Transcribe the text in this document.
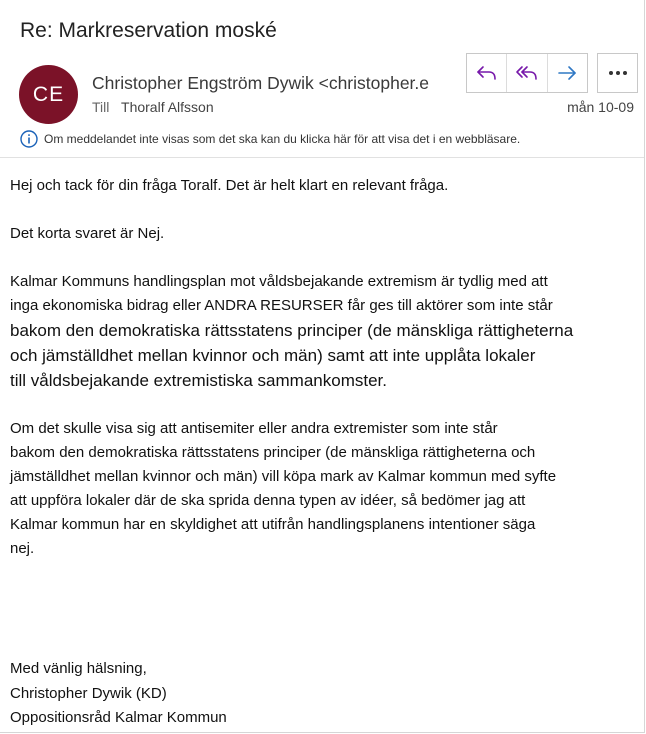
Re: Markreservation moské
CE Christopher Engström Dywik <christopher.e
Till Thoralf Alfsson	mån 10-09
Om meddelandet inte visas som det ska kan du klicka här för att visa det i en webbläsare.
Hej och tack för din fråga Toralf. Det är helt klart en relevant fråga.
Det korta svaret är Nej.
Kalmar Kommuns handlingsplan mot våldsbejakande extremism är tydlig med att
inga ekonomiska bidrag eller ANDRA RESURSER får ges till aktörer som inte står
bakom den demokratiska rättsstatens principer (de mänskliga rättigheterna
och jämställdhet mellan kvinnor och män) samt att inte upplåta lokaler
till våldsbejakande extremistiska sammankomster.
Om det skulle visa sig att antisemiter eller andra extremister som inte står
bakom den demokratiska rättsstatens principer (de mänskliga rättigheterna och
jämställdhet mellan kvinnor och män) vill köpa mark av Kalmar kommun med syfte
att uppföra lokaler där de ska sprida denna typen av idéer, så bedömer jag att
Kalmar kommun har en skyldighet att utifrån handlingsplanens intentioner säga
nej.
Med vänlig hälsning,
Christopher Dywik (KD)
Oppositionsråd Kalmar Kommun
